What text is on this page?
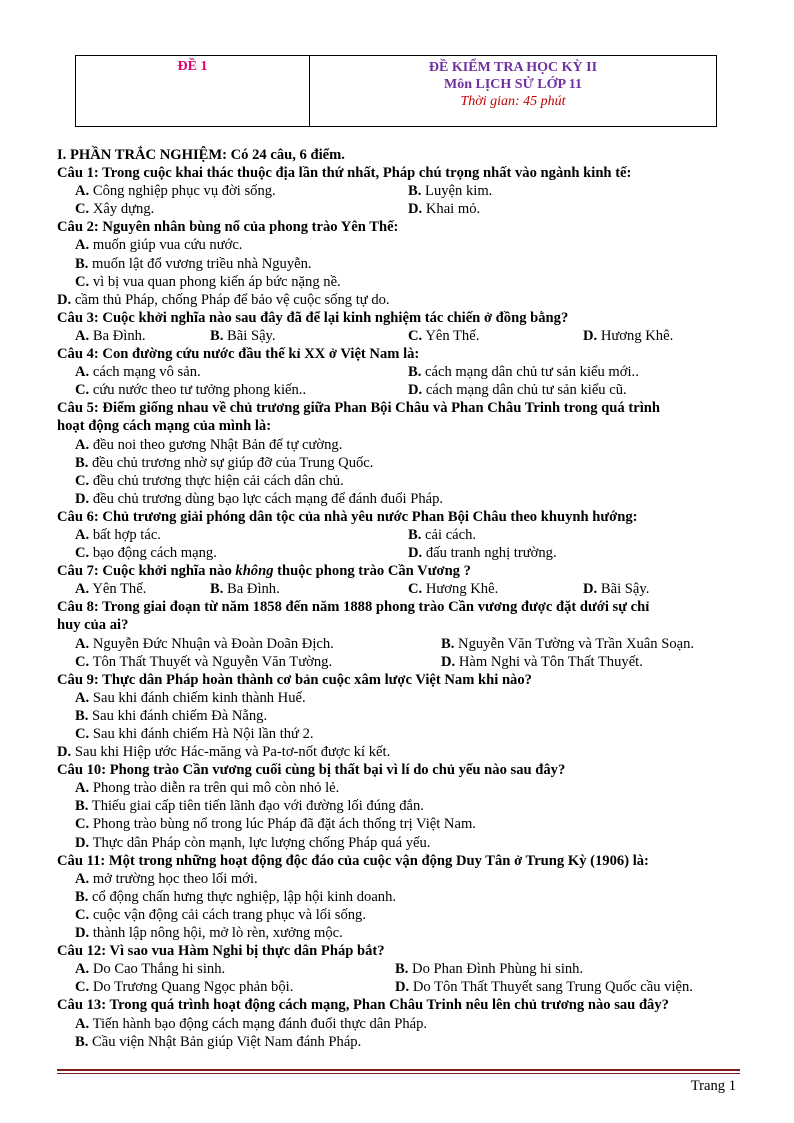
ĐỀ 1	ĐỀ KIỂM TRA HỌC KỲ II
Môn LỊCH SỬ LỚP 11
Thời gian: 45 phút
I. PHẦN TRẮC NGHIỆM: Có 24 câu, 6 điểm.
Câu 1: Trong cuộc khai thác thuộc địa lần thứ nhất, Pháp chú trọng nhất vào ngành kinh tế:
A. Công nghiệp phục vụ đời sống.	B. Luyện kim.
C. Xây dựng.	D. Khai mỏ.
Câu 2: Nguyên nhân bùng nổ của phong trào Yên Thế:
A. muốn giúp vua cứu nước.
B. muốn lật đổ vương triều nhà Nguyễn.
C. vì bị vua quan phong kiến áp bức nặng nề.
D. cầm thủ Pháp, chống Pháp để bảo vệ cuộc sống tự do.
Câu 3: Cuộc khởi nghĩa nào sau đây đã để lại kinh nghiệm tác chiến ở đồng bằng?
A. Ba Đình.	B. Bãi Sậy.	C. Yên Thế.	D. Hương Khê.
Câu 4: Con đường cứu nước đầu thế kỉ XX ở Việt Nam là:
A. cách mạng vô sản.	B. cách mạng dân chủ tư sản kiểu mới..
C. cứu nước theo tư tưởng phong kiến..	D. cách mạng dân chủ tư sản kiểu cũ.
Câu 5: Điểm giống nhau về chủ trương giữa Phan Bội Châu và Phan Châu Trinh trong quá trình
hoạt động cách mạng của mình là:
A. đều noi theo gương Nhật Bản để tự cường.
B. đều chủ trương nhờ sự giúp đỡ của Trung Quốc.
C. đều chủ trương thực hiện cải cách dân chủ.
D. đều chủ trương dùng bạo lực cách mạng để đánh đuổi Pháp.
Câu 6: Chủ trương giải phóng dân tộc của nhà yêu nước Phan Bội Châu theo khuynh hướng:
A. bất hợp tác.	B. cải cách.
C. bạo động cách mạng.	D. đấu tranh nghị trường.
Câu 7: Cuộc khởi nghĩa nào không thuộc phong trào Cần Vương ?
A. Yên Thế.	B. Ba Đình.	C. Hương Khê.	D. Bãi Sậy.
Câu 8: Trong giai đoạn từ năm 1858 đến năm 1888 phong trào Cần vương được đặt dưới sự chỉ
huy của ai?
A. Nguyễn Đức Nhuận và Đoàn Doãn Địch.	B. Nguyễn Văn Tường và Trần Xuân Soạn.
C. Tôn Thất Thuyết và Nguyễn Văn Tường.	D. Hàm Nghi và Tôn Thất Thuyết.
Câu 9: Thực dân Pháp hoàn thành cơ bản cuộc xâm lược Việt Nam khi nào?
A. Sau khi đánh chiếm kinh thành Huế.
B. Sau khi đánh chiếm Đà Nẵng.
C. Sau khi đánh chiếm Hà Nội lần thứ 2.
D. Sau khi Hiệp ước Hác-măng và Pa-tơ-nốt được kí kết.
Câu 10: Phong trào Cần vương cuối cùng bị thất bại vì lí do chủ yếu nào sau đây?
A. Phong trào diễn ra trên qui mô còn nhỏ lẻ.
B. Thiếu giai cấp tiên tiến lãnh đạo với đường lối đúng đắn.
C. Phong trào bùng nổ trong lúc Pháp đã đặt ách thống trị Việt Nam.
D. Thực dân Pháp còn mạnh, lực lượng chống Pháp quá yếu.
Câu 11: Một trong những hoạt động độc đáo của cuộc vận động Duy Tân ở Trung Kỳ (1906) là:
A. mở trường học theo lối mới.
B. cổ động chấn hưng thực nghiệp, lập hội kinh doanh.
C. cuộc vận động cải cách trang phục và lối sống.
D. thành lập nông hội, mở lò rèn, xưởng mộc.
Câu 12: Vì sao vua Hàm Nghi bị thực dân Pháp bắt?
A. Do Cao Thắng hi sinh.	B. Do Phan Đình Phùng hi sinh.
C. Do Trương Quang Ngọc phản bội.	D. Do Tôn Thất Thuyết sang Trung Quốc cầu viện.
Câu 13: Trong quá trình hoạt động cách mạng, Phan Châu Trinh nêu lên chủ trương nào sau đây?
A. Tiến hành bạo động cách mạng đánh đuổi thực dân Pháp.
B. Cầu viện Nhật Bản giúp Việt Nam đánh Pháp.
Trang 1
